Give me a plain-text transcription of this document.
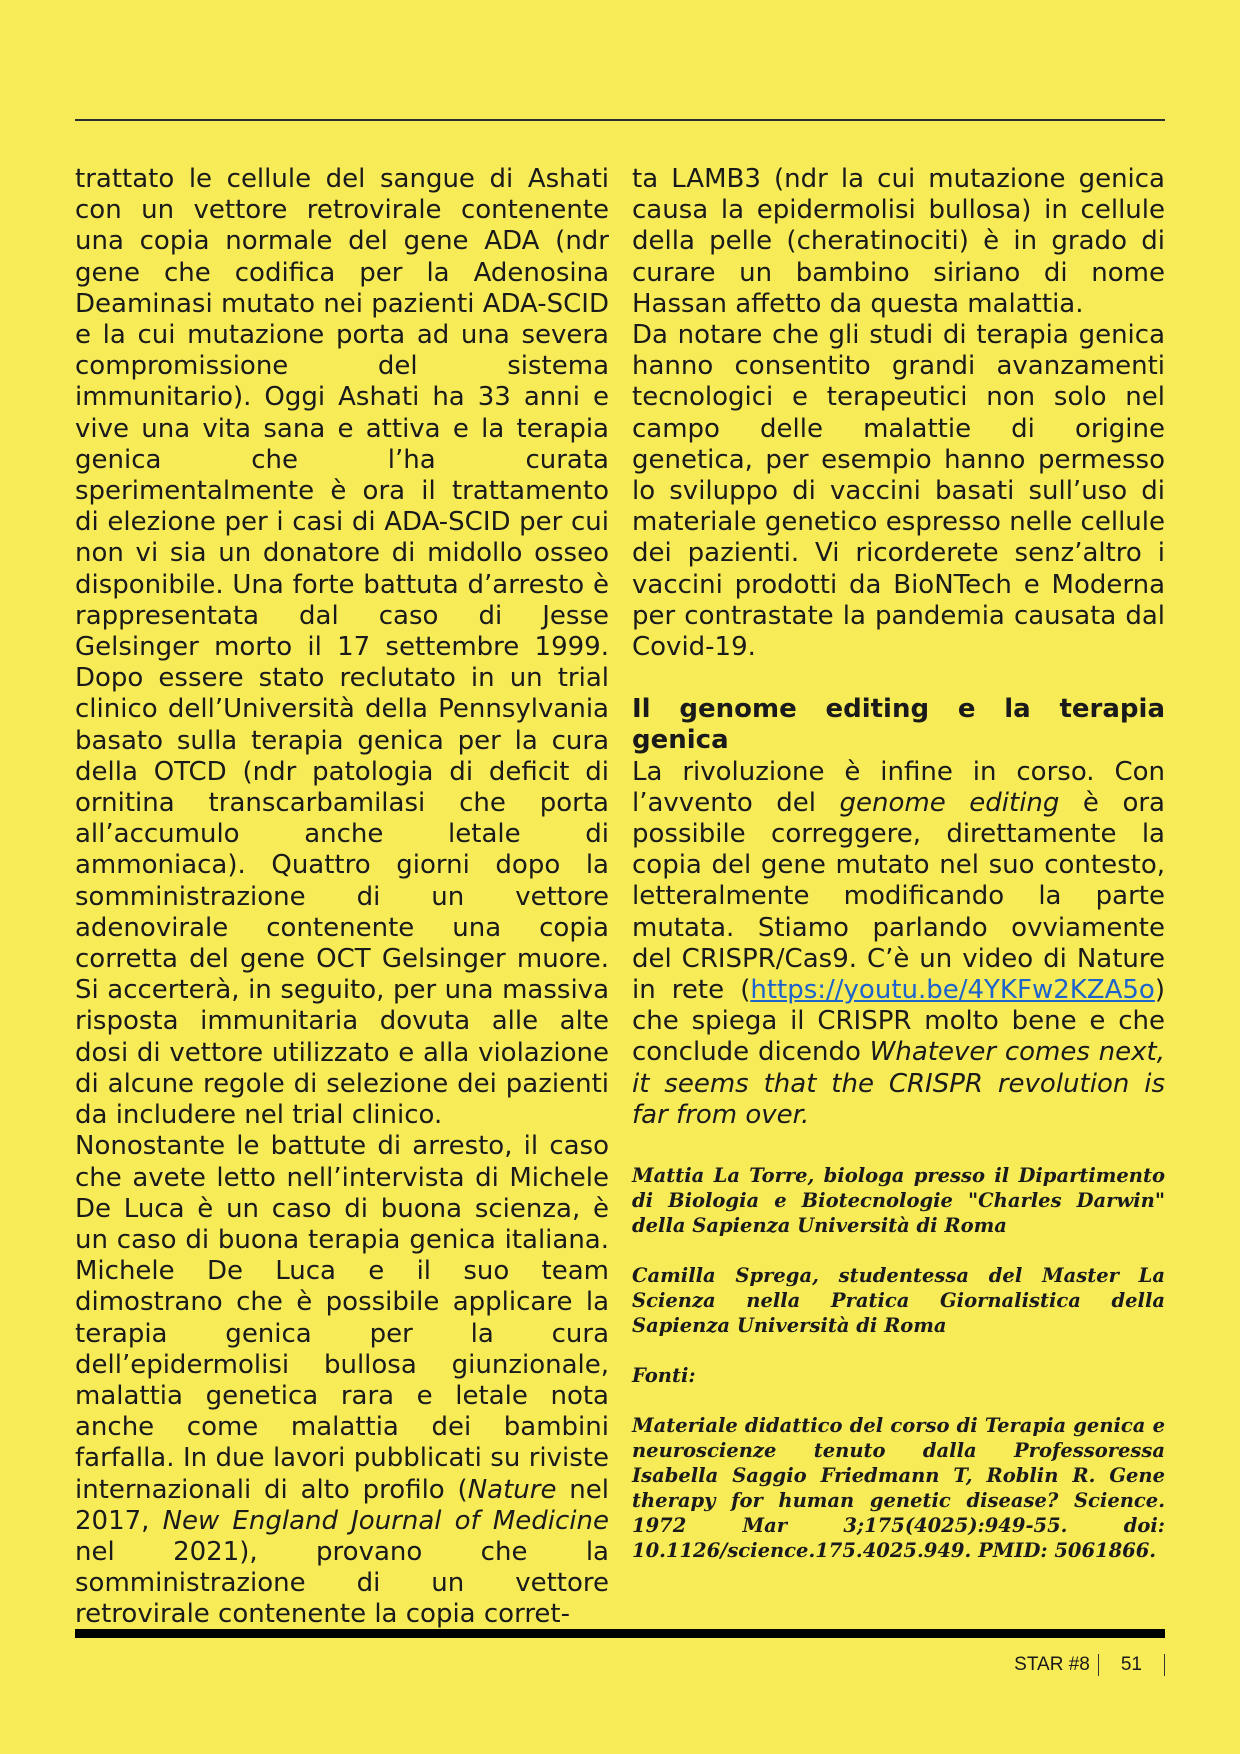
trattato le cellule del sangue di Ashati con un vettore retrovirale contenente una copia normale del gene ADA (ndr gene che codifica per la Adenosina Deaminasi mutato nei pazienti ADA-SCID e la cui mutazione porta ad una severa compromissione del sistema immunitario). Oggi Ashati ha 33 anni e vive una vita sana e attiva e la terapia genica che l’ha curata sperimentalmente è ora il trattamento di elezione per i casi di ADA-SCID per cui non vi sia un donatore di midollo osseo disponibile. Una forte battuta d’arresto è rappresentata dal caso di Jesse Gelsinger morto il 17 settembre 1999. Dopo essere stato reclutato in un trial clinico dell’Università della Pennsylvania basato sulla terapia genica per la cura della OTCD (ndr patologia di deficit di ornitina transcarbamilasi che porta all’accumulo anche letale di ammoniaca). Quattro giorni dopo la somministrazione di un vettore adenovirale contenente una copia corretta del gene OCT Gelsinger muore. Si accerterà, in seguito, per una massiva risposta immunitaria dovuta alle alte dosi di vettore utilizzato e alla violazione di alcune regole di selezione dei pazienti da includere nel trial clinico.

Nonostante le battute di arresto, il caso che avete letto nell’intervista di Michele De Luca è un caso di buona scienza, è un caso di buona terapia genica italiana. Michele De Luca e il suo team dimostrano che è possibile applicare la terapia genica per la cura dell’epidermolisi bullosa giunzionale, malattia genetica rara e letale nota anche come malattia dei bambini farfalla. In due lavori pubblicati su riviste internazionali di alto profilo (Nature nel 2017, New England Journal of Medicine nel 2021), provano che la somministrazione di un vettore retrovirale contenente la copia corret-

ta LAMB3 (ndr la cui mutazione genica causa la epidermolisi bullosa) in cellule della pelle (cheratinociti) è in grado di curare un bambino siriano di nome Hassan affetto da questa malattia.

Da notare che gli studi di terapia genica hanno consentito grandi avanzamenti tecnologici e terapeutici non solo nel campo delle malattie di origine genetica, per esempio hanno permesso lo sviluppo di vaccini basati sull’uso di materiale genetico espresso nelle cellule dei pazienti. Vi ricorderete senz’altro i vaccini prodotti da BioNTech e Moderna per contrastate la pandemia causata dal Covid-19.

Il genome editing e la terapia genica

La rivoluzione è infine in corso. Con l’avvento del genome editing è ora possibile correggere, direttamente la copia del gene mutato nel suo contesto, letteralmente modificando la parte mutata. Stiamo parlando ovviamente del CRISPR/Cas9. C’è un video di Nature in rete (https://youtu.be/4YKFw2KZA5o) che spiega il CRISPR molto bene e che conclude dicendo Whatever comes next, it seems that the CRISPR revolution is far from over.

Mattia La Torre, biologa presso il Dipartimento di Biologia e Biotecnologie "Charles Darwin" della Sapienza Università di Roma

Camilla Sprega, studentessa del Master La Scienza nella Pratica Giornalistica della Sapienza Università di Roma

Fonti:

Materiale didattico del corso di Terapia genica e neuroscienze tenuto dalla Professoressa Isabella Saggio Friedmann T, Roblin R. Gene therapy for human genetic disease? Science. 1972 Mar 3;175(4025):949-55. doi: 10.1126/science.175.4025.949. PMID: 5061866.

STAR #8 51
